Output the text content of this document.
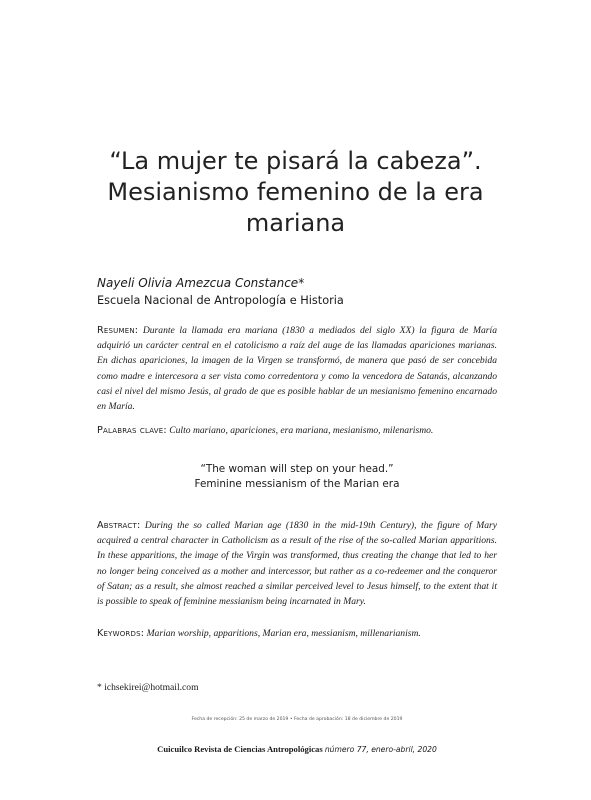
“La mujer te pisará la cabeza”.
Mesianismo femenino de la era
mariana
Nayeli Olivia Amezcua Constance*
Escuela Nacional de Antropología e Historia

Resumen: Durante la llamada era mariana (1830 a mediados del siglo XX) la figura de María adquirió un carácter central en el catolicismo a raíz del auge de las llamadas apariciones marianas. En dichas apariciones, la imagen de la Virgen se transformó, de manera que pasó de ser concebida como madre e intercesora a ser vista como corredentora y como la vencedora de Satanás, alcanzando casi el nivel del mismo Jesús, al grado de que es posible hablar de un mesianismo femenino encarnado en María.

Palabras clave: Culto mariano, apariciones, era mariana, mesianismo, milenarismo.

“The woman will step on your head.”
Feminine messianism of the Marian era

Abstract: During the so called Marian age (1830 in the mid-19th Century), the figure of Mary acquired a central character in Catholicism as a result of the rise of the so-called Marian apparitions. In these apparitions, the image of the Virgin was transformed, thus creating the change that led to her no longer being conceived as a mother and intercessor, but rather as a co-redeemer and the conqueror of Satan; as a result, she almost reached a similar perceived level to Jesus himself, to the extent that it is possible to speak of feminine messianism being incarnated in Mary.

Keywords: Marian worship, apparitions, Marian era, messianism, millenarianism.

* ichsekirei@hotmail.com
Fecha de recepción: 25 de marzo de 2019 • Fecha de aprobación: 18 de diciembre de 2019
Cuicuilco Revista de Ciencias Antropológicas número 77, enero-abril, 2020
